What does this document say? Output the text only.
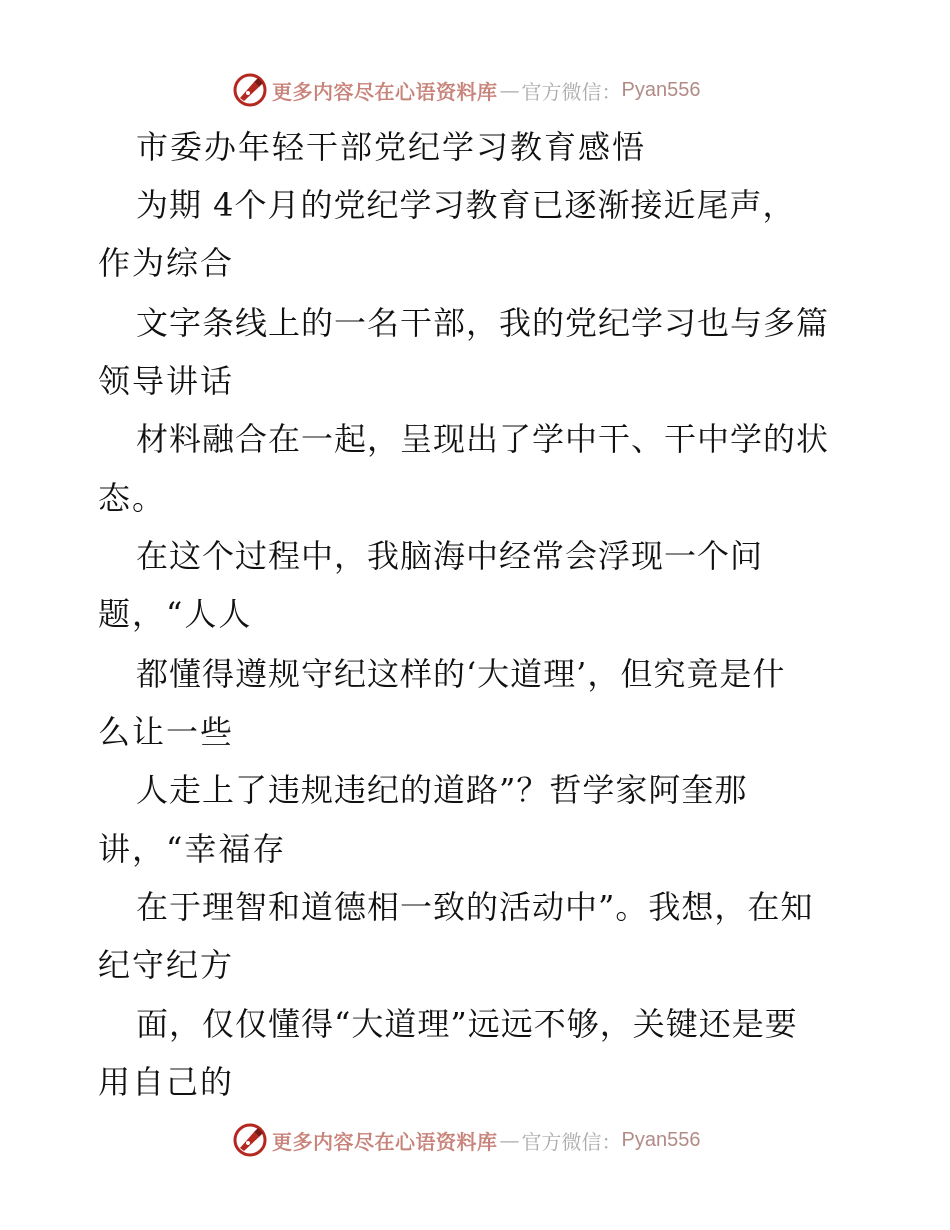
更多内容尽在心语资料库 — 官方微信： Pyan556
市委办年轻干部党纪学习教育感悟
为期 4个月的党纪学习教育已逐渐接近尾声，
作为综合
文字条线上的一名干部，我的党纪学习也与多篇
领导讲话
材料融合在一起，呈现出了学中干、干中学的状
态。
在这个过程中，我脑海中经常会浮现一个问
题，“人人
都懂得遵规守纪这样的‘大道理’，但究竟是什
么让一些
人走上了违规违纪的道路”？哲学家阿奎那
讲，“幸福存
在于理智和道德相一致的活动中”。我想，在知
纪守纪方
面，仅仅懂得“大道理”远远不够，关键还是要
用自己的
更多内容尽在心语资料库 — 官方微信： Pyan556
